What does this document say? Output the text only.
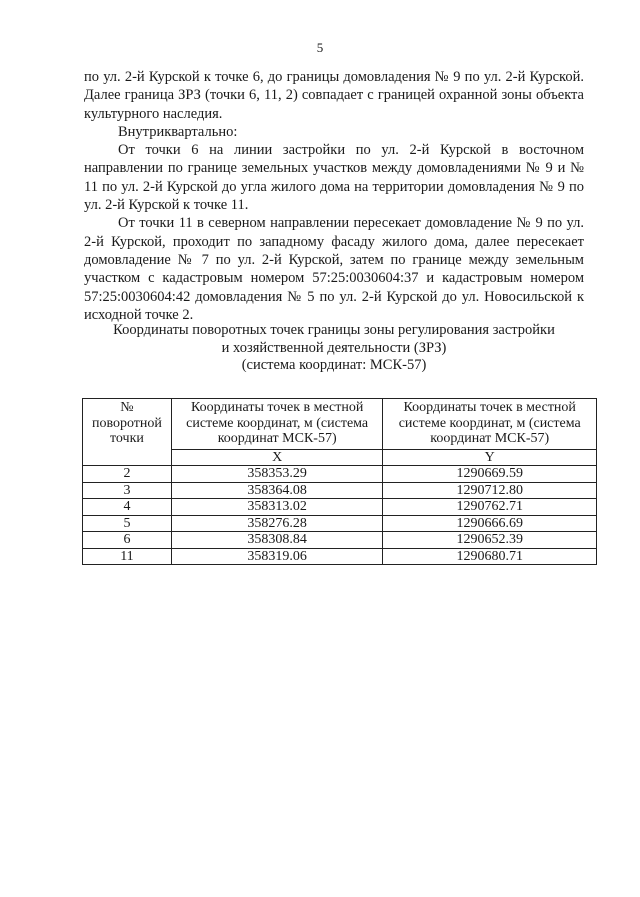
5

по ул. 2-й Курской к точке 6, до границы домовладения № 9 по ул. 2-й Курской. Далее граница ЗРЗ (точки 6, 11, 2) совпадает с границей охранной зоны объекта культурного наследия.

Внутриквартально:

От точки 6 на линии застройки по ул. 2-й Курской в восточном направлении по границе земельных участков между домовладениями № 9 и № 11 по ул. 2-й Курской до угла жилого дома на территории домовладения № 9 по ул. 2-й Курской к точке 11.

От точки 11 в северном направлении пересекает домовладение № 9 по ул. 2-й Курской, проходит по западному фасаду жилого дома, далее пересекает домовладение № 7 по ул. 2-й Курской, затем по границе между земельным участком с кадастровым номером 57:25:0030604:37 и кадастровым номером 57:25:0030604:42 домовладения № 5 по ул. 2-й Курской до ул. Новосильской к исходной точке 2.

Координаты поворотных точек границы зоны регулирования застройки
и хозяйственной деятельности (ЗРЗ)
(система координат: МСК-57)
№ поворотной точки	Координаты точек в местной системе координат, м (система координат МСК-57)	Координаты точек в местной системе координат, м (система координат МСК-57)
	X	Y
2	358353.29	1290669.59
3	358364.08	1290712.80
4	358313.02	1290762.71
5	358276.28	1290666.69
6	358308.84	1290652.39
11	358319.06	1290680.71
